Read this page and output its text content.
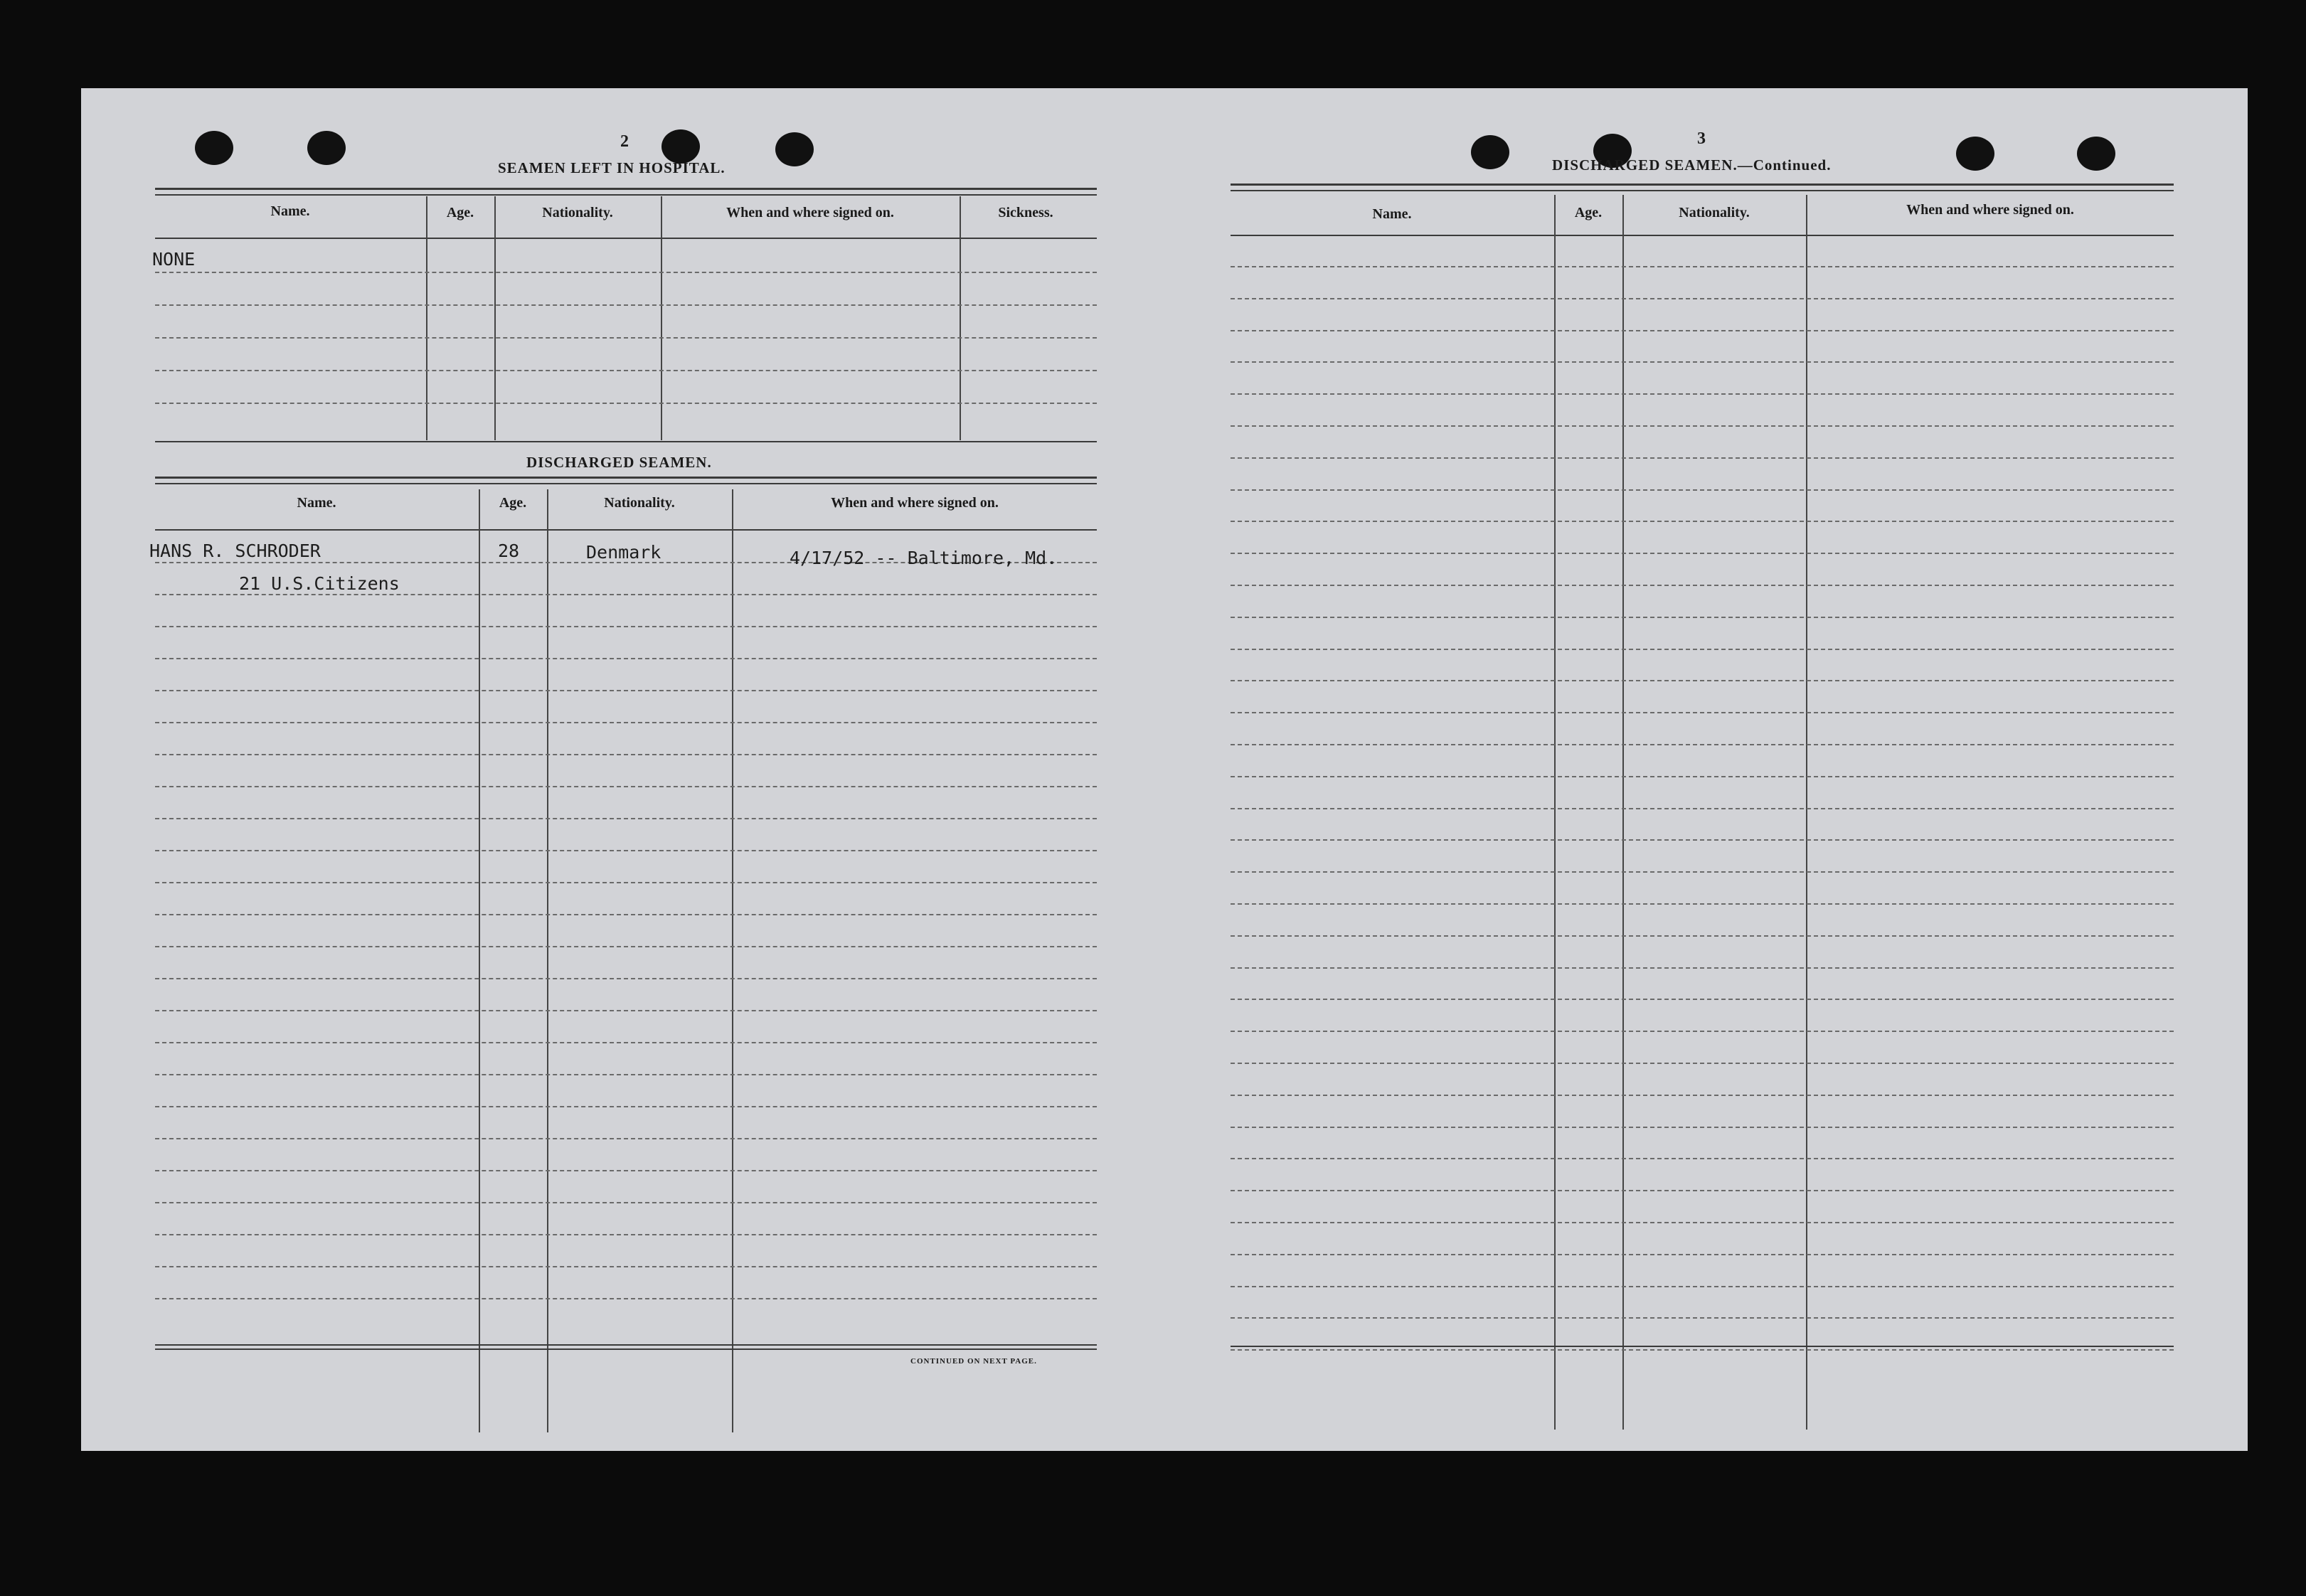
2
SEAMEN LEFT IN HOSPITAL.
Name.	Age.	Nationality.	When and where signed on.	Sickness.
NONE
DISCHARGED SEAMEN.
Name.	Age.	Nationality.	When and where signed on.
HANS R. SCHRODER	28	Denmark	4/17/52 -- Baltimore, Md.
21 U.S.Citizens
CONTINUED ON NEXT PAGE.
3
DISCHARGED SEAMEN.—Continued.
Name.	Age.	Nationality.	When and where signed on.
